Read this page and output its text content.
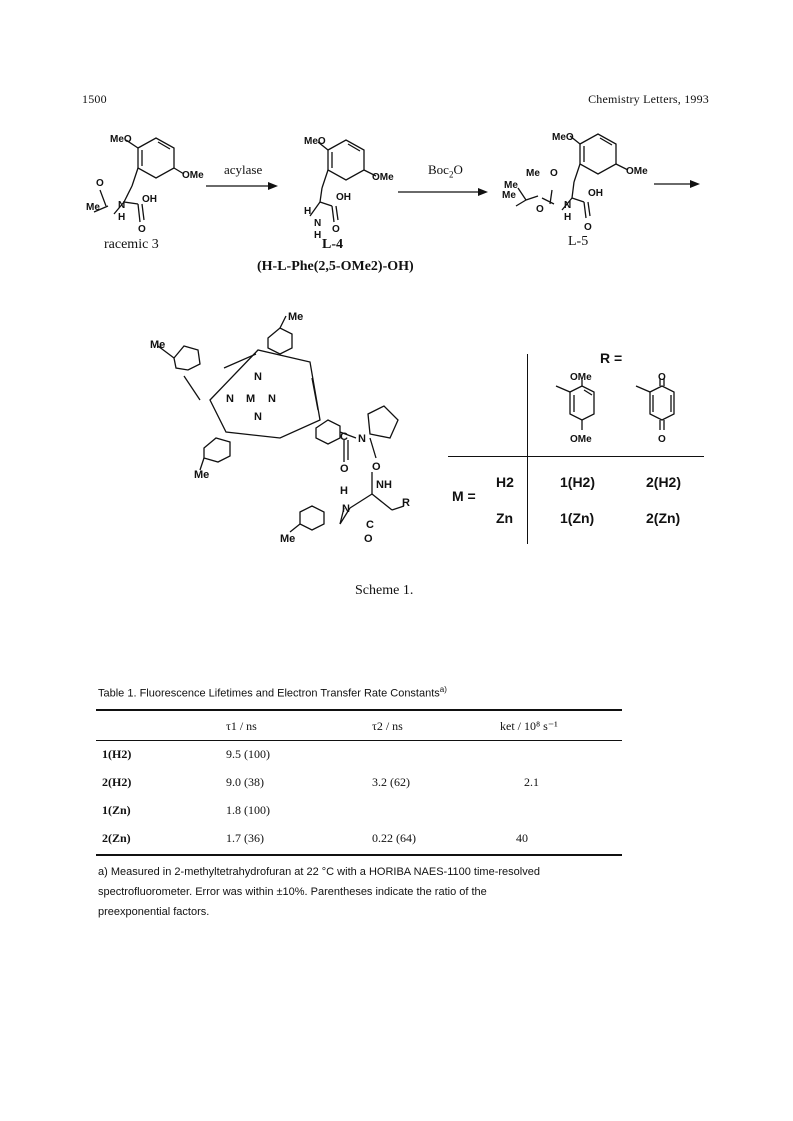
1500	Chemistry Letters, 1993
MeO
OMe
O
Me N
H
OH
O
MeO
OMe
H
N
H
OH
O
MeO
OMe
Me
Me
Me
O
O N
H
OH
O
acylase	Boc$_2$O
racemic 3	L-4
(H-L-Phe(2,5-OMe2)-OH)
L-5
Me
Me
Me
Me
N
N	N
N
M
C N
O O
NH
H
N
C
O
R
R =
M =
OMe
OMe
O
O
H2	1(H2)	2(H2)
Zn	1(Zn)	2(Zn)
Scheme 1.
Table 1. Fluorescence Lifetimes and Electron Transfer Rate Constants$^{a)}$
	τ1 / ns	τ2 / ns	ket / 10⁸ s⁻¹
1(H2)	9.5 (100)		
2(H2)	9.0 (38)	3.2 (62)	2.1
1(Zn)	1.8 (100)		
2(Zn)	1.7 (36)	0.22 (64)	40
a) Measured in 2-methyltetrahydrofuran at 22 °C with a HORIBA NAES-1100 time-resolved
spectrofluorometer. Error was within ±10%. Parentheses indicate the ratio of the
preexponential factors.
